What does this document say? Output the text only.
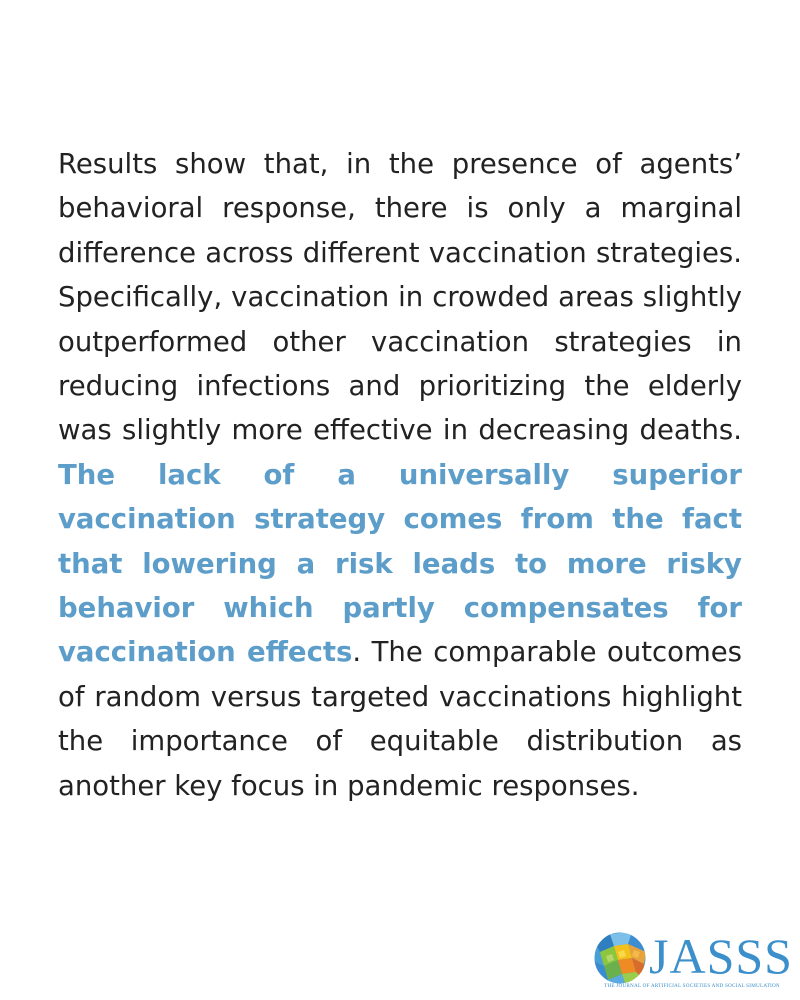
Results show that, in the presence of agents’ behavioral response, there is only a marginal difference across different vaccination strategies. Specifically, vaccination in crowded areas slightly outperformed other vaccination strategies in reducing infections and prioritizing the elderly was slightly more effective in decreasing deaths. The lack of a universally superior vaccination strategy comes from the fact that lowering a risk leads to more risky behavior which partly compensates for vaccination effects. The comparable outcomes of random versus targeted vaccinations highlight the importance of equitable distribution as another key focus in pandemic responses.

JASSS
THE JOURNAL OF ARTIFICIAL SOCIETIES AND SOCIAL SIMULATION
